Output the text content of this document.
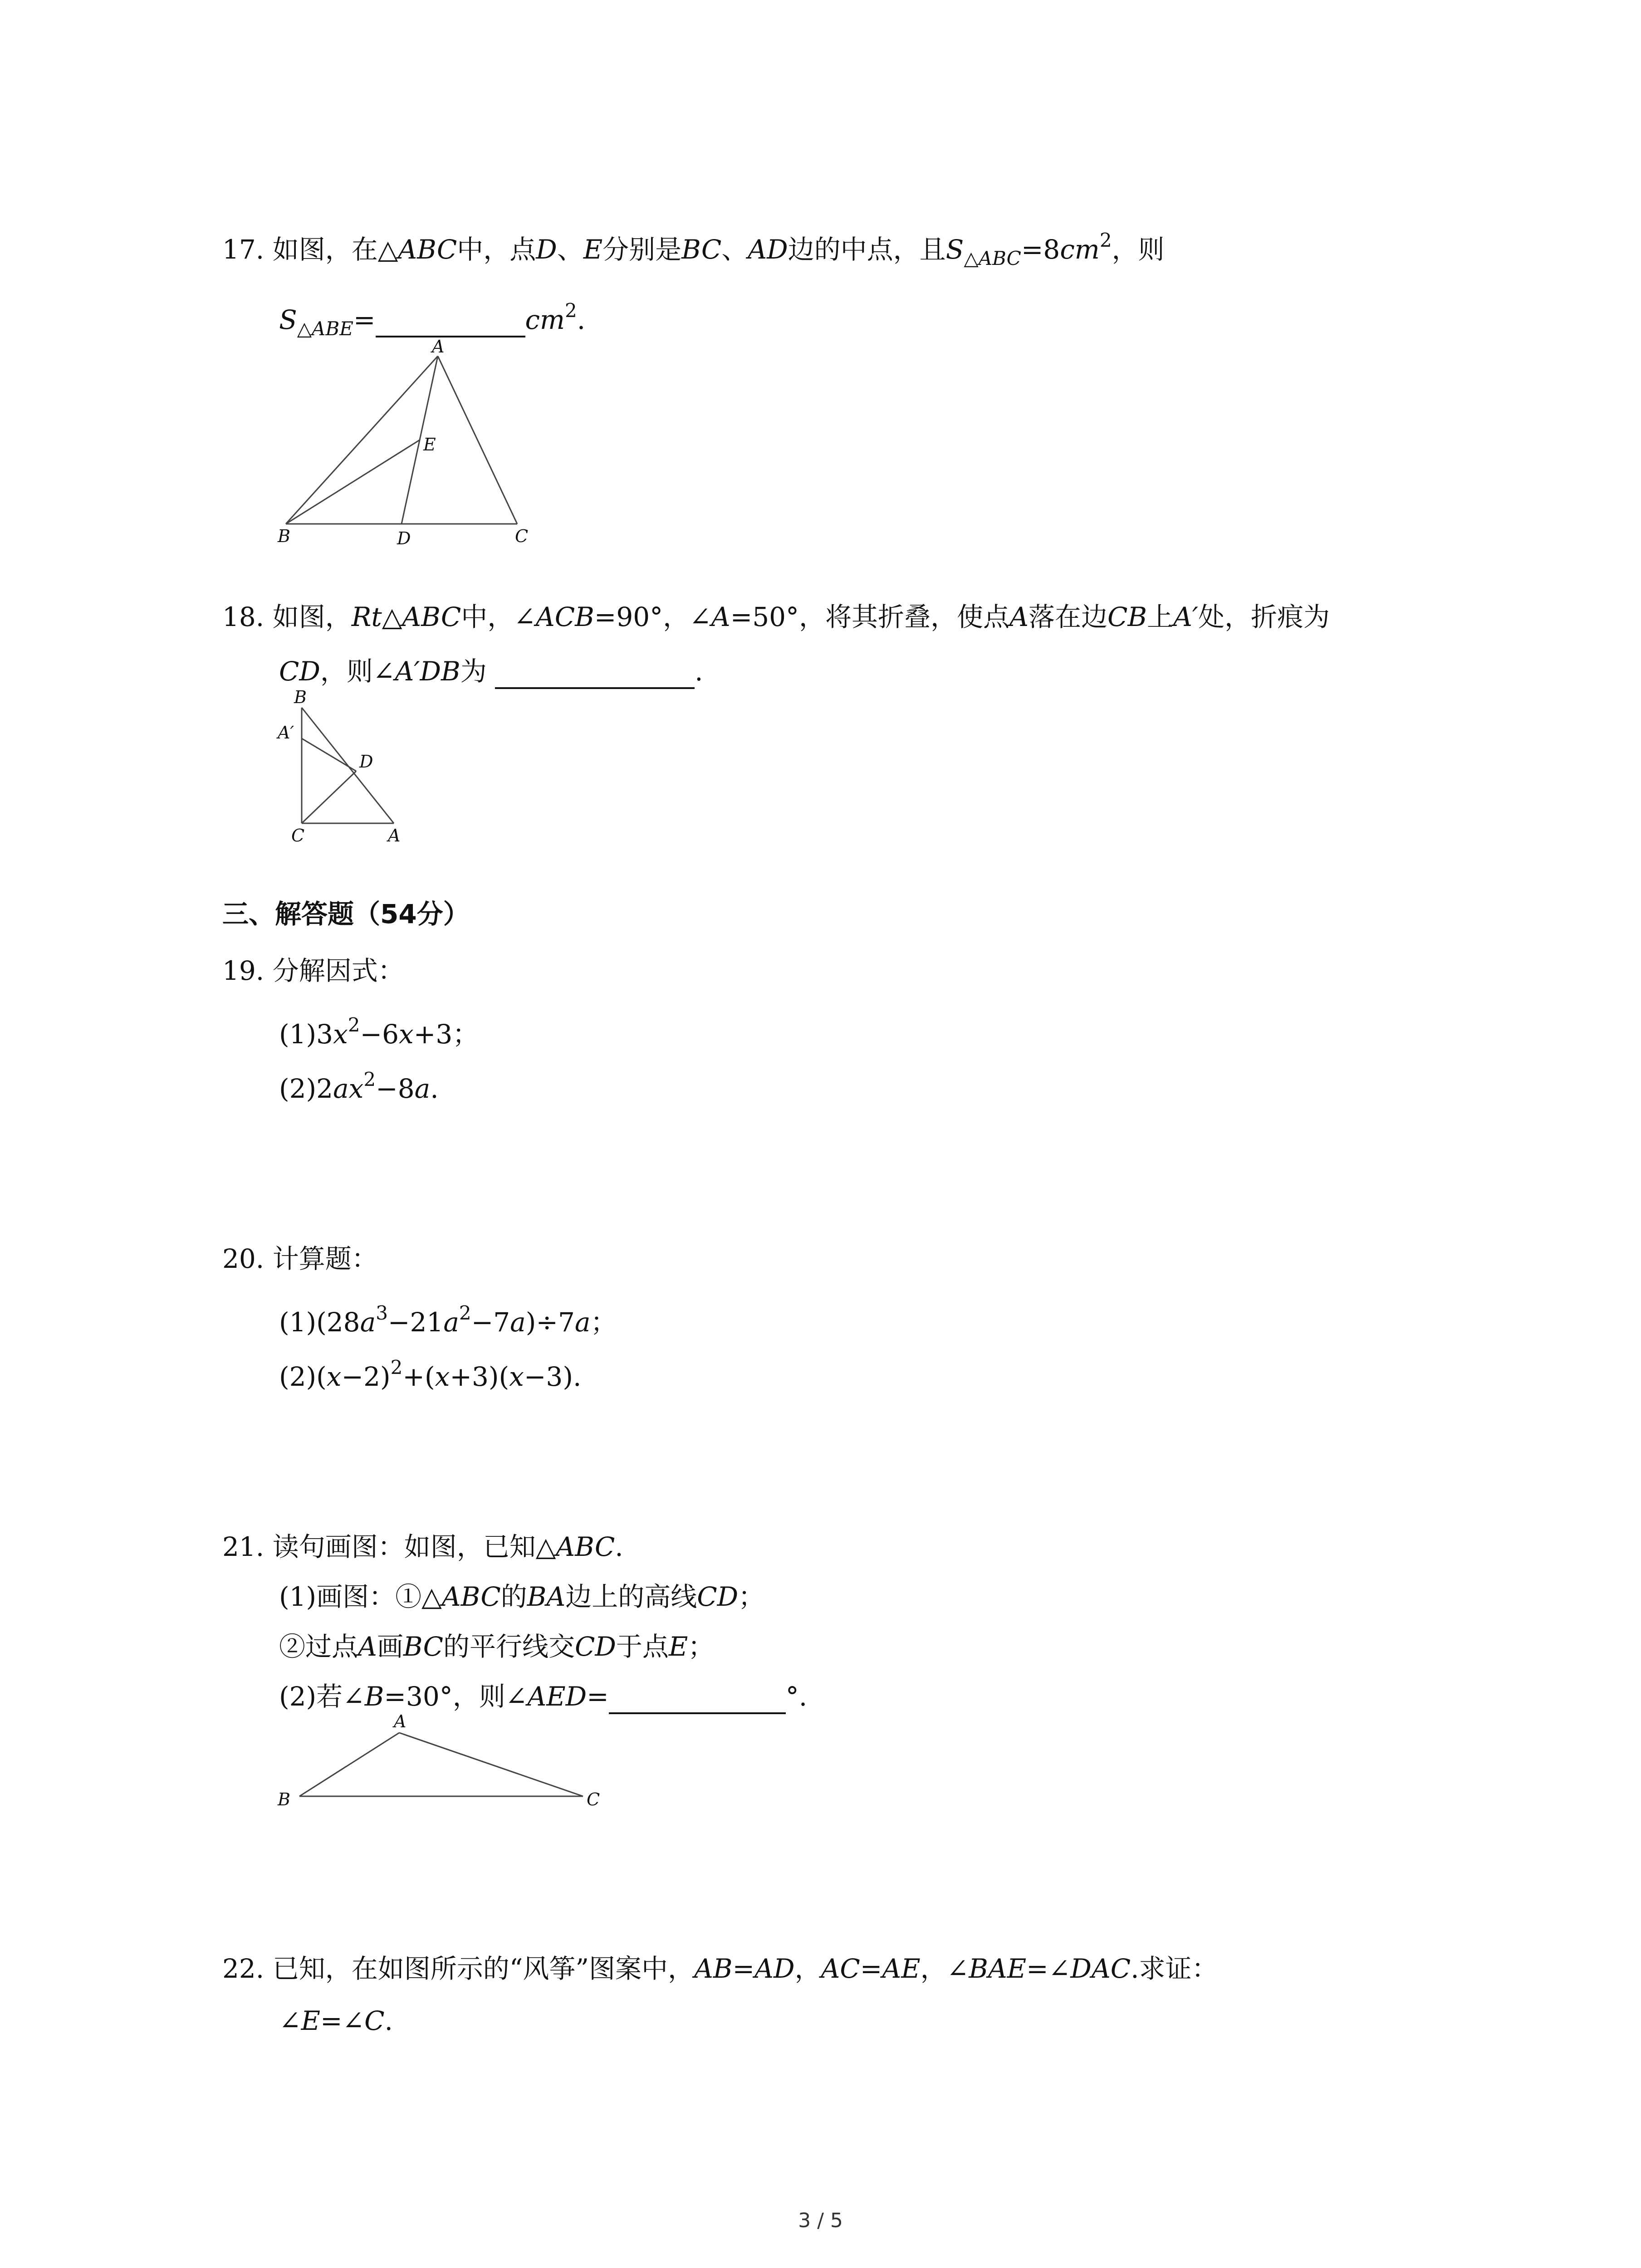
17. 如图，在△ABC中，点D、E分别是BC、AD边的中点，且$S_{\triangle ABC}=8cm^2$，则
$S_{\triangle ABE}=$	$cm^2$.
A
B	C
D
E
18. 如图，Rt△ABC中，∠ACB=90°，∠A=50°，将其折叠，使点A落在边CB上A′处，折痕为
CD，则∠A′DB为	.
B
A′
D
C	A
三、解答题（54分）
19. 分解因式：
$(1)3x^2-6x+3$；
$(2)2ax^2-8a$.
20. 计算题：
$(1)(28a^3-21a^2-7a)\div 7a$；
$(2)(x-2)^2+(x+3)(x-3)$.
21. 读句画图：如图，已知△ABC.
(1)画图：①△ABC的BA边上的高线CD；
②过点A画BC的平行线交CD于点E；
(2)若∠B=30°，则∠AED=	°.
A
B	C
22. 已知，在如图所示的“风筝”图案中，AB=AD，AC=AE，∠BAE=∠DAC.求证：
∠E=∠C.
3 / 5
